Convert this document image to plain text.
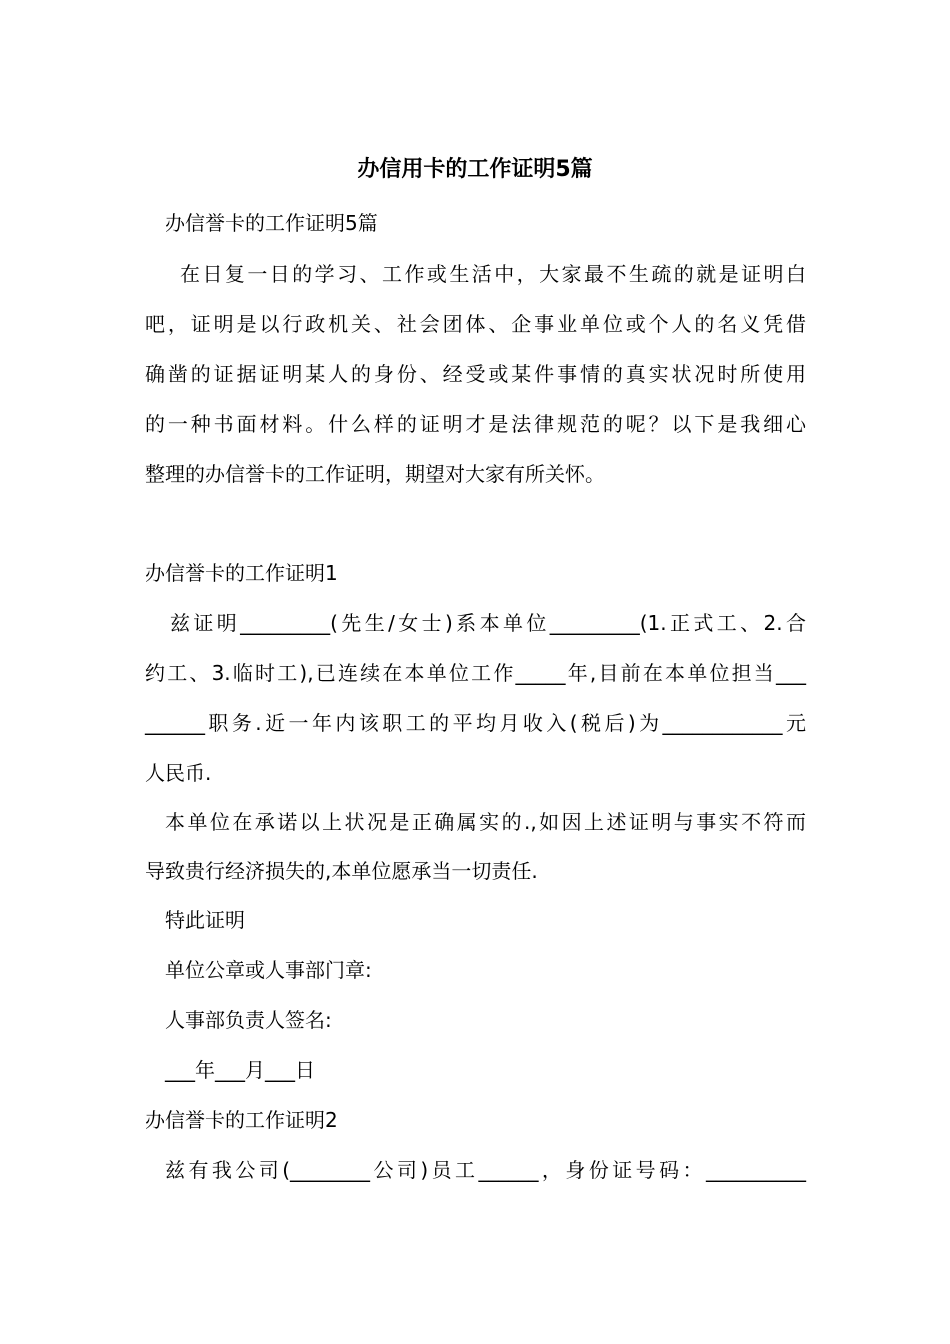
办信用卡的工作证明5篇
办信誉卡的工作证明5篇
在日复一日的学习、工作或生活中，大家最不生疏的就是证明白
吧，证明是以行政机关、社会团体、企事业单位或个人的名义凭借
确凿的证据证明某人的身份、经受或某件事情的真实状况时所使用
的一种书面材料。什么样的证明才是法律规范的呢？以下是我细心
整理的办信誉卡的工作证明，期望对大家有所关怀。
办信誉卡的工作证明1
兹证明_________(先生/女士)系本单位_________(1.正式工、2.合
约工、3.临时工),已连续在本单位工作_____年,目前在本单位担当___
______职务.近一年内该职工的平均月收入(税后)为____________元
人民币.
本单位在承诺以上状况是正确属实的.,如因上述证明与事实不符而
导致贵行经济损失的,本单位愿承当一切责任.
特此证明
单位公章或人事部门章:
人事部负责人签名:
___年___月___日
办信誉卡的工作证明2
兹有我公司(________公司)员工______，身份证号码：__________
